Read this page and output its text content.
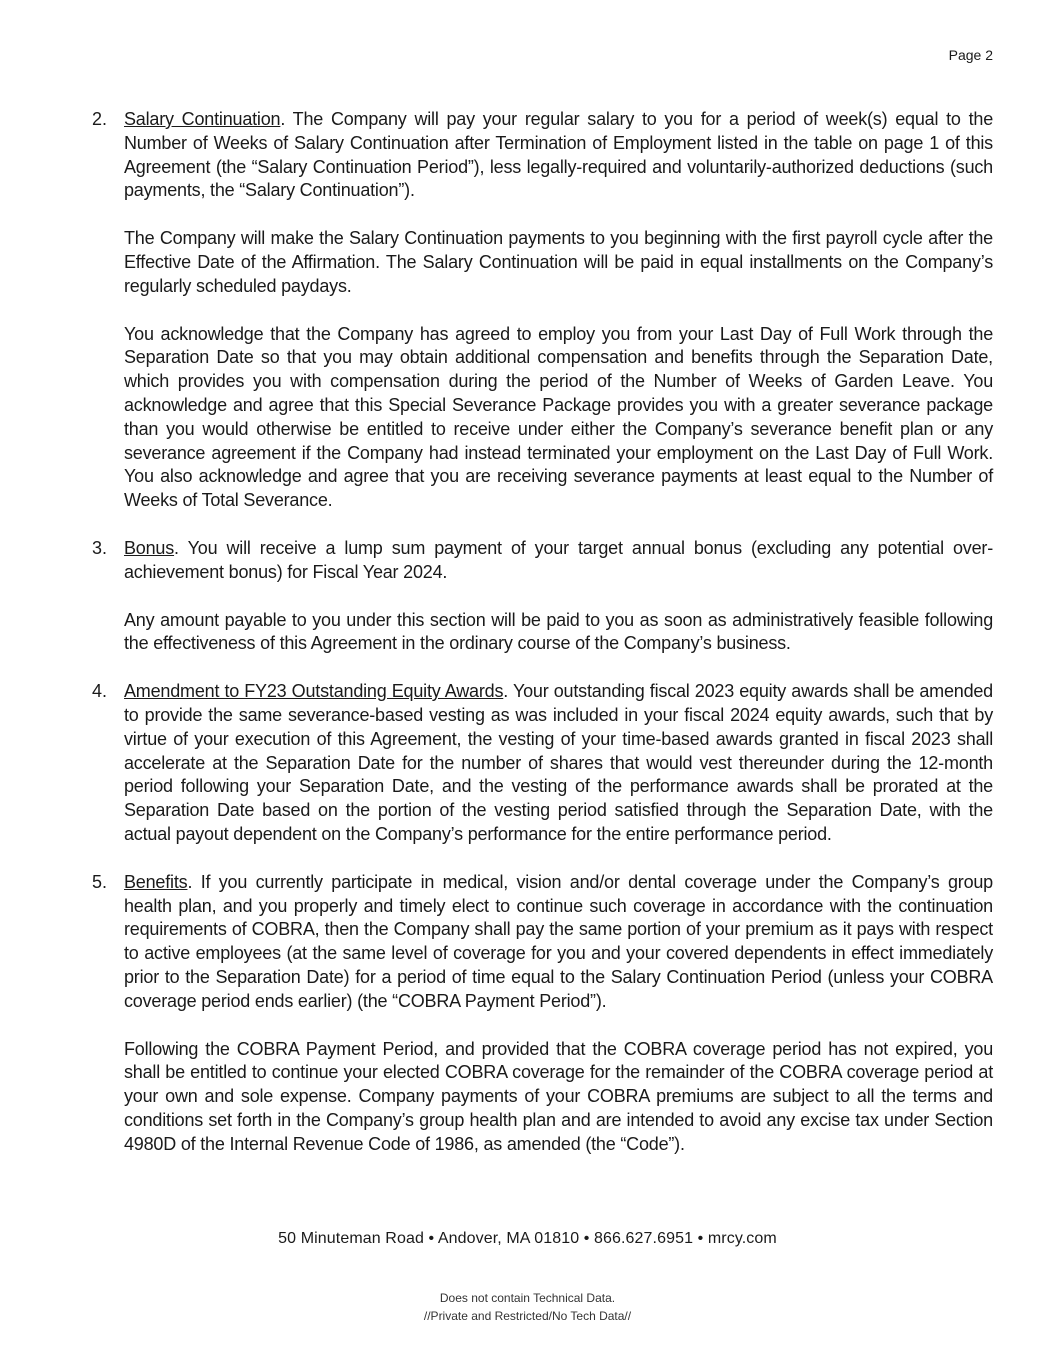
Page 2
2. Salary Continuation. The Company will pay your regular salary to you for a period of week(s) equal to the Number of Weeks of Salary Continuation after Termination of Employment listed in the table on page 1 of this Agreement (the “Salary Continuation Period”), less legally-required and voluntarily-authorized deductions (such payments, the “Salary Continuation”).

The Company will make the Salary Continuation payments to you beginning with the first payroll cycle after the Effective Date of the Affirmation. The Salary Continuation will be paid in equal installments on the Company’s regularly scheduled paydays.

You acknowledge that the Company has agreed to employ you from your Last Day of Full Work through the Separation Date so that you may obtain additional compensation and benefits through the Separation Date, which provides you with compensation during the period of the Number of Weeks of Garden Leave. You acknowledge and agree that this Special Severance Package provides you with a greater severance package than you would otherwise be entitled to receive under either the Company’s severance benefit plan or any severance agreement if the Company had instead terminated your employment on the Last Day of Full Work. You also acknowledge and agree that you are receiving severance payments at least equal to the Number of Weeks of Total Severance.

3. Bonus. You will receive a lump sum payment of your target annual bonus (excluding any potential over-achievement bonus) for Fiscal Year 2024.

Any amount payable to you under this section will be paid to you as soon as administratively feasible following the effectiveness of this Agreement in the ordinary course of the Company’s business.

4. Amendment to FY23 Outstanding Equity Awards. Your outstanding fiscal 2023 equity awards shall be amended to provide the same severance-based vesting as was included in your fiscal 2024 equity awards, such that by virtue of your execution of this Agreement, the vesting of your time-based awards granted in fiscal 2023 shall accelerate at the Separation Date for the number of shares that would vest thereunder during the 12-month period following your Separation Date, and the vesting of the performance awards shall be prorated at the Separation Date based on the portion of the vesting period satisfied through the Separation Date, with the actual payout dependent on the Company’s performance for the entire performance period.

5. Benefits. If you currently participate in medical, vision and/or dental coverage under the Company’s group health plan, and you properly and timely elect to continue such coverage in accordance with the continuation requirements of COBRA, then the Company shall pay the same portion of your premium as it pays with respect to active employees (at the same level of coverage for you and your covered dependents in effect immediately prior to the Separation Date) for a period of time equal to the Salary Continuation Period (unless your COBRA coverage period ends earlier) (the “COBRA Payment Period”).

Following the COBRA Payment Period, and provided that the COBRA coverage period has not expired, you shall be entitled to continue your elected COBRA coverage for the remainder of the COBRA coverage period at your own and sole expense. Company payments of your COBRA premiums are subject to all the terms and conditions set forth in the Company’s group health plan and are intended to avoid any excise tax under Section 4980D of the Internal Revenue Code of 1986, as amended (the “Code”).

50 Minuteman Road • Andover, MA 01810 • 866.627.6951 • mrcy.com
Does not contain Technical Data.
//Private and Restricted/No Tech Data//
